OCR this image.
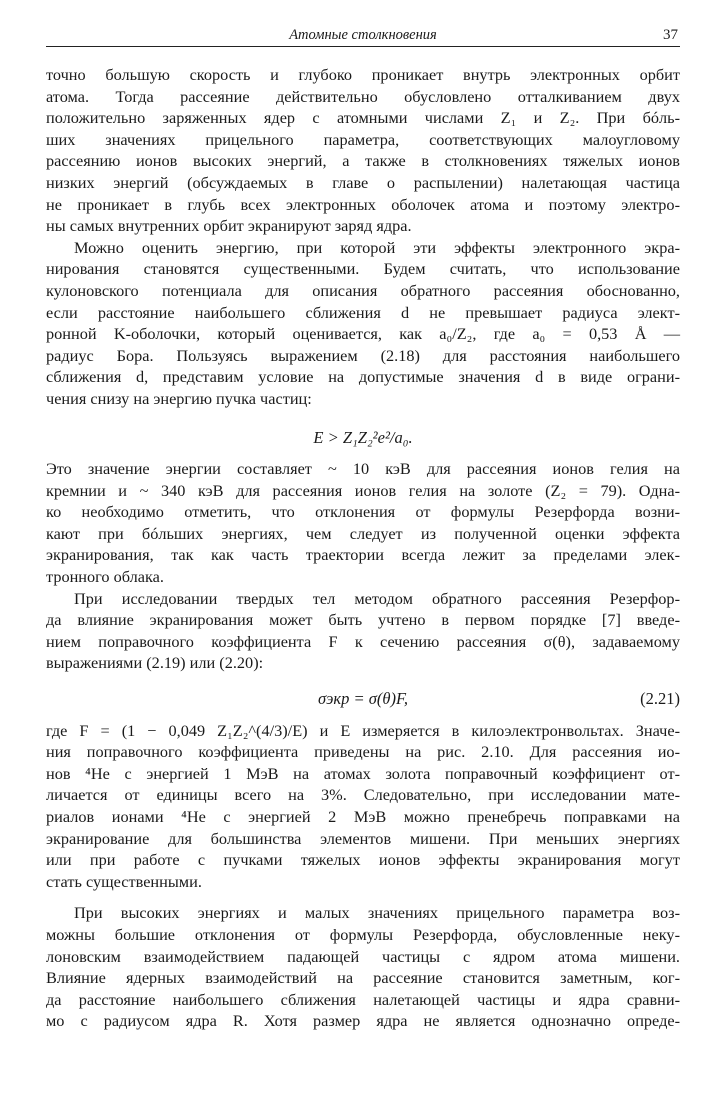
Атомные столкновения	37

точно большую скорость и глубоко проникает внутрь электронных орбит
атома. Тогда рассеяние действительно обусловлено отталкиванием двух
положительно заряженных ядер с атомными числами Z₁ и Z₂. При бóль-
ших значениях прицельного параметра, соответствующих малоугловому
рассеянию ионов высоких энергий, а также в столкновениях тяжелых ионов
низких энергий (обсуждаемых в главе о распылении) налетающая частица
не проникает в глубь всех электронных оболочек атома и поэтому электро-
ны самых внутренних орбит экранируют заряд ядра.

Можно оценить энергию, при которой эти эффекты электронного экра-
нирования становятся существенными. Будем считать, что использование
кулоновского потенциала для описания обратного рассеяния обоснованно,
если расстояние наибольшего сближения d не превышает радиуса элект-
ронной K-оболочки, который оценивается, как a₀/Z₂, где a₀ = 0,53 Å —
радиус Бора. Пользуясь выражением (2.18) для расстояния наибольшего
сближения d, представим условие на допустимые значения d в виде ограни-
чения снизу на энергию пучка частиц:

E > Z₁Z₂²e²/a₀.

Это значение энергии составляет ~ 10 кэВ для рассеяния ионов гелия на
кремнии и ~ 340 кэВ для рассеяния ионов гелия на золоте (Z₂ = 79). Одна-
ко необходимо отметить, что отклонения от формулы Резерфорда возни-
кают при бóльших энергиях, чем следует из полученной оценки эффекта
экранирования, так как часть траектории всегда лежит за пределами элек-
тронного облака.

При исследовании твердых тел методом обратного рассеяния Резерфор-
да влияние экранирования может быть учтено в первом порядке [7] введе-
нием поправочного коэффициента F к сечению рассеяния σ(θ), задаваемому
выражениями (2.19) или (2.20):

σэкр = σ(θ)F,	(2.21)

где F = (1 − 0,049 Z₁Z₂^(4/3)/E) и E измеряется в килоэлектронвольтах. Значе-
ния поправочного коэффициента приведены на рис. 2.10. Для рассеяния ио-
нов ⁴He с энергией 1 МэВ на атомах золота поправочный коэффициент от-
личается от единицы всего на 3%. Следовательно, при исследовании мате-
риалов ионами ⁴He с энергией 2 МэВ можно пренебречь поправками на
экранирование для большинства элементов мишени. При меньших энергиях
или при работе с пучками тяжелых ионов эффекты экранирования могут
стать существенными.

При высоких энергиях и малых значениях прицельного параметра воз-
можны большие отклонения от формулы Резерфорда, обусловленные неку-
лоновским взаимодействием падающей частицы с ядром атома мишени.
Влияние ядерных взаимодействий на рассеяние становится заметным, ког-
да расстояние наибольшего сближения налетающей частицы и ядра сравни-
мо с радиусом ядра R. Хотя размер ядра не является однозначно опреде-
